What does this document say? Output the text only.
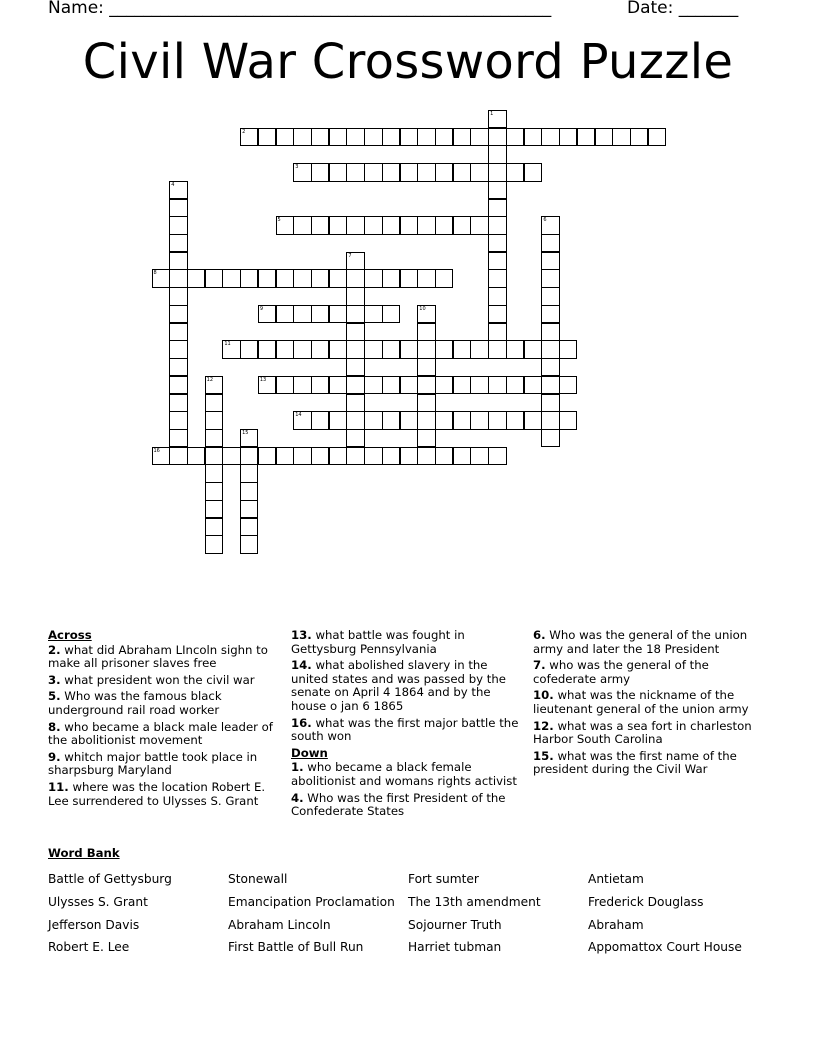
Name: ____________________________________________________	Date: _______
Civil War Crossword Puzzle
1
2
3
4
5	6
7
8
9	10
11
12	13
14
15
16
Across
2. what did Abraham LIncoln sighn to make all prisoner slaves free
3. what president won the civil war
5. Who was the famous black underground rail road worker
8. who became a black male leader of the abolitionist movement
9. whitch major battle took place in sharpsburg Maryland
11. where was the location Robert E. Lee surrendered to Ulysses S. Grant
13. what battle was fought in Gettysburg Pennsylvania
14. what abolished slavery in the united states and was passed by the senate on April 4 1864 and by the house o jan 6 1865
16. what was the first major battle the south won
Down
1. who became a black female abolitionist and womans rights activist
4. Who was the first President of the Confederate States
6. Who was the general of the union army and later the 18 President
7. who was the general of the cofederate army
10. what was the nickname of the lieutenant general of the union army
12. what was a sea fort in charleston Harbor South Carolina
15. what was the first name of the president during the Civil War
Word Bank
Battle of Gettysburg
Ulysses S. Grant
Jefferson Davis
Robert E. Lee
Stonewall
Emancipation Proclamation
Abraham Lincoln
First Battle of Bull Run
Fort sumter
The 13th amendment
Sojourner Truth
Harriet tubman
Antietam
Frederick Douglass
Abraham
Appomattox Court House
